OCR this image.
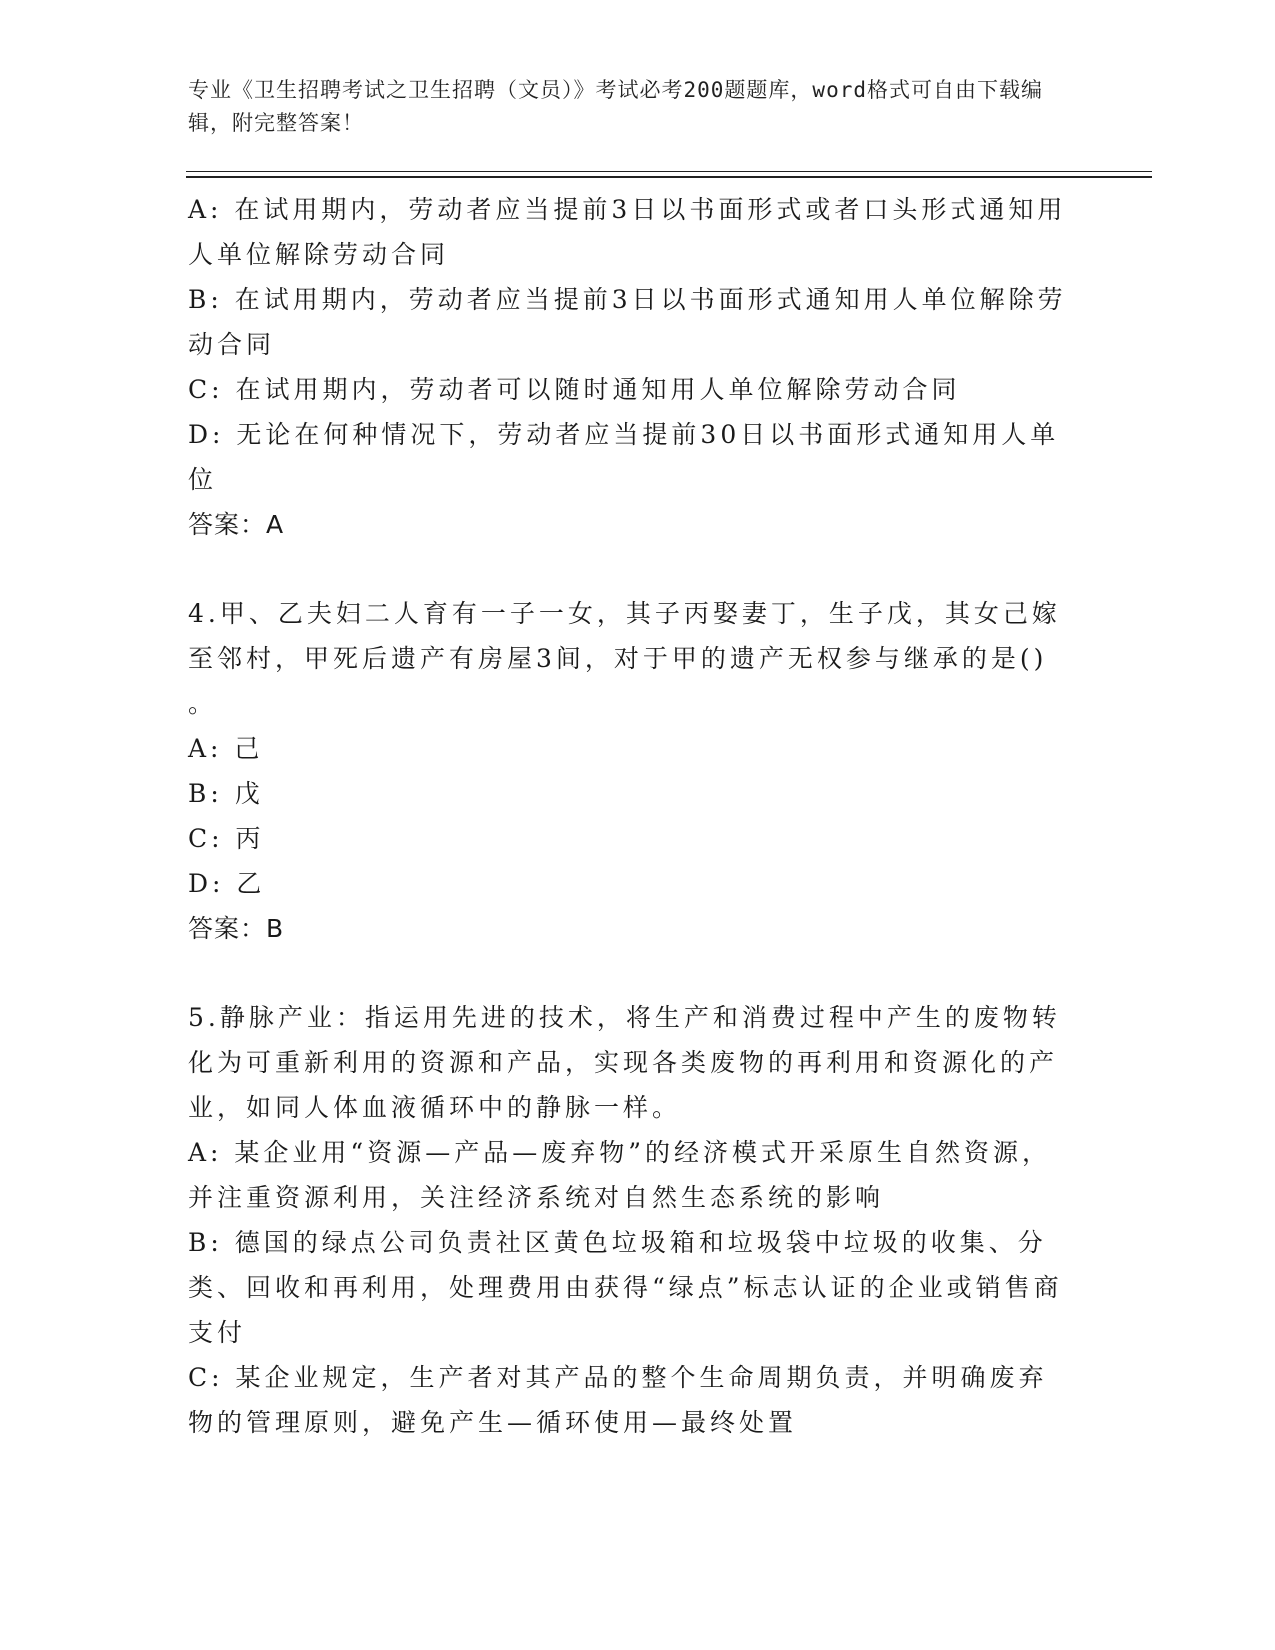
专业《卫生招聘考试之卫生招聘（文员）》考试必考200题题库，word格式可自由下载编辑，附完整答案！

A: 在试用期内，劳动者应当提前3日以书面形式或者口头形式通知用人单位解除劳动合同

B: 在试用期内，劳动者应当提前3日以书面形式通知用人单位解除劳动合同

C: 在试用期内，劳动者可以随时通知用人单位解除劳动合同

D: 无论在何种情况下，劳动者应当提前30日以书面形式通知用人单位

答案：A

4.甲、乙夫妇二人育有一子一女，其子丙娶妻丁，生子戊，其女己嫁至邻村，甲死后遗产有房屋3间，对于甲的遗产无权参与继承的是()

。

A: 己

B: 戊

C: 丙

D: 乙

答案：B

5.静脉产业：指运用先进的技术，将生产和消费过程中产生的废物转化为可重新利用的资源和产品，实现各类废物的再利用和资源化的产业，如同人体血液循环中的静脉一样。

A: 某企业用“资源—产品—废弃物”的经济模式开采原生自然资源，并注重资源利用，关注经济系统对自然生态系统的影响

B: 德国的绿点公司负责社区黄色垃圾箱和垃圾袋中垃圾的收集、分类、回收和再利用，处理费用由获得“绿点”标志认证的企业或销售商支付

C: 某企业规定，生产者对其产品的整个生命周期负责，并明确废弃物的管理原则，避免产生—循环使用—最终处置
